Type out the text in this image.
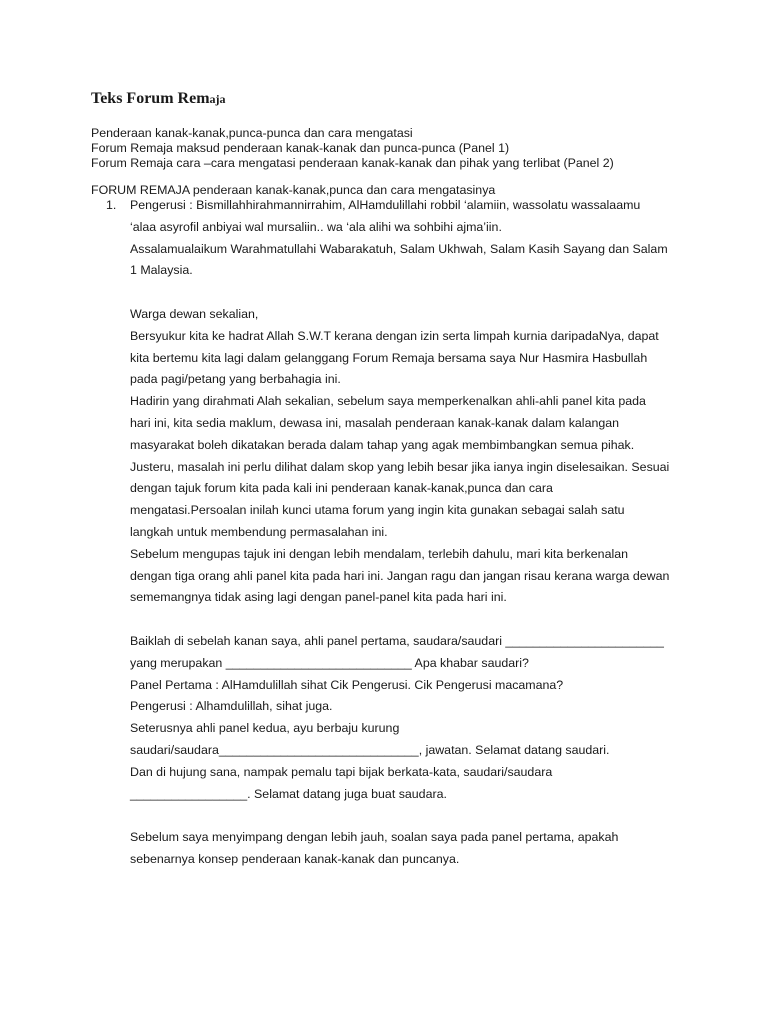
Teks Forum Remaja
Penderaan kanak-kanak,punca-punca dan cara mengatasi
Forum Remaja maksud penderaan kanak-kanak dan punca-punca (Panel 1)
Forum Remaja cara –cara mengatasi penderaan kanak-kanak dan pihak yang terlibat (Panel 2)
FORUM REMAJA penderaan kanak-kanak,punca dan cara mengatasinya
1. Pengerusi : Bismillahhirahmannirrahim, AlHamdulillahi robbil ‘alamiin, wassolatu wassalaamu
‘alaa asyrofil anbiyai wal mursaliin.. wa ‘ala alihi wa sohbihi ajma’iin.
Assalamualaikum Warahmatullahi Wabarakatuh, Salam Ukhwah, Salam Kasih Sayang dan Salam
1 Malaysia.
Warga dewan sekalian,
Bersyukur kita ke hadrat Allah S.W.T kerana dengan izin serta limpah kurnia daripadaNya, dapat
kita bertemu kita lagi dalam gelanggang Forum Remaja bersama saya Nur Hasmira Hasbullah
pada pagi/petang yang berbahagia ini.
Hadirin yang dirahmati Alah sekalian, sebelum saya memperkenalkan ahli-ahli panel kita pada
hari ini, kita sedia maklum, dewasa ini, masalah penderaan kanak-kanak dalam kalangan
masyarakat boleh dikatakan berada dalam tahap yang agak membimbangkan semua pihak.
Justeru, masalah ini perlu dilihat dalam skop yang lebih besar jika ianya ingin diselesaikan. Sesuai
dengan tajuk forum kita pada kali ini penderaan kanak-kanak,punca dan cara
mengatasi.Persoalan inilah kunci utama forum yang ingin kita gunakan sebagai salah satu
langkah untuk membendung permasalahan ini.
Sebelum mengupas tajuk ini dengan lebih mendalam, terlebih dahulu, mari kita berkenalan
dengan tiga orang ahli panel kita pada hari ini. Jangan ragu dan jangan risau kerana warga dewan
sememangnya tidak asing lagi dengan panel-panel kita pada hari ini.
Baiklah di sebelah kanan saya, ahli panel pertama, saudara/saudari _______________________
yang merupakan ___________________________ Apa khabar saudari?
Panel Pertama : AlHamdulillah sihat Cik Pengerusi. Cik Pengerusi macamana?
Pengerusi : Alhamdulillah, sihat juga.
Seterusnya ahli panel kedua, ayu berbaju kurung
saudari/saudara_____________________________, jawatan. Selamat datang saudari.
Dan di hujung sana, nampak pemalu tapi bijak berkata-kata, saudari/saudara
_________________. Selamat datang juga buat saudara.
Sebelum saya menyimpang dengan lebih jauh, soalan saya pada panel pertama, apakah
sebenarnya konsep penderaan kanak-kanak dan puncanya.
